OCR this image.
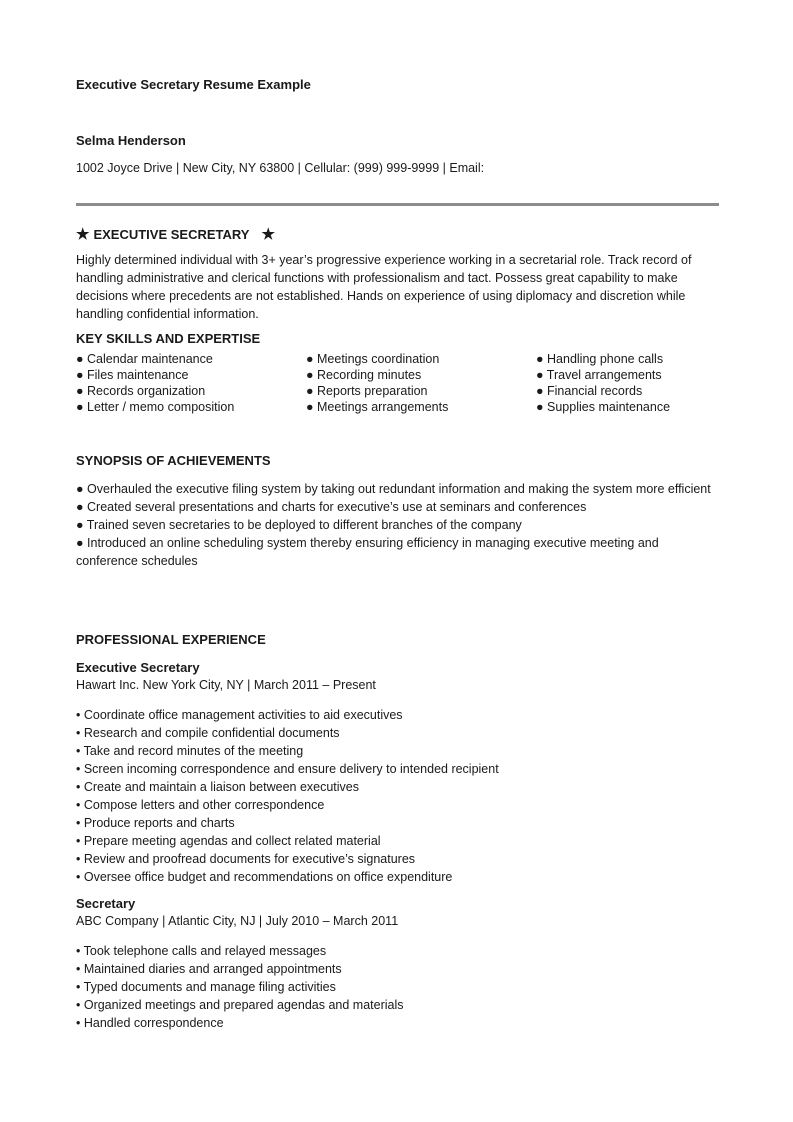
Executive Secretary Resume Example
Selma Henderson
1002 Joyce Drive | New City, NY 63800 | Cellular: (999) 999-9999 | Email:
★ EXECUTIVE SECRETARY ★
Highly determined individual with 3+ year’s progressive experience working in a secretarial role. Track record of handling administrative and clerical functions with professionalism and tact. Possess great capability to make decisions where precedents are not established. Hands on experience of using diplomacy and discretion while handling confidential information.
KEY SKILLS AND EXPERTISE
● Calendar maintenance
● Files maintenance
● Records organization
● Letter / memo composition
● Meetings coordination
● Recording minutes
● Reports preparation
● Meetings arrangements
● Handling phone calls
● Travel arrangements
● Financial records
● Supplies maintenance
SYNOPSIS OF ACHIEVEMENTS
● Overhauled the executive filing system by taking out redundant information and making the system more efficient
● Created several presentations and charts for executive’s use at seminars and conferences
● Trained seven secretaries to be deployed to different branches of the company
● Introduced an online scheduling system thereby ensuring efficiency in managing executive meeting and conference schedules
PROFESSIONAL EXPERIENCE
Executive Secretary
Hawart Inc. New York City, NY | March 2011 – Present
• Coordinate office management activities to aid executives
• Research and compile confidential documents
• Take and record minutes of the meeting
• Screen incoming correspondence and ensure delivery to intended recipient
• Create and maintain a liaison between executives
• Compose letters and other correspondence
• Produce reports and charts
• Prepare meeting agendas and collect related material
• Review and proofread documents for executive’s signatures
• Oversee office budget and recommendations on office expenditure
Secretary
ABC Company | Atlantic City, NJ | July 2010 – March 2011
• Took telephone calls and relayed messages
• Maintained diaries and arranged appointments
• Typed documents and manage filing activities
• Organized meetings and prepared agendas and materials
• Handled correspondence
